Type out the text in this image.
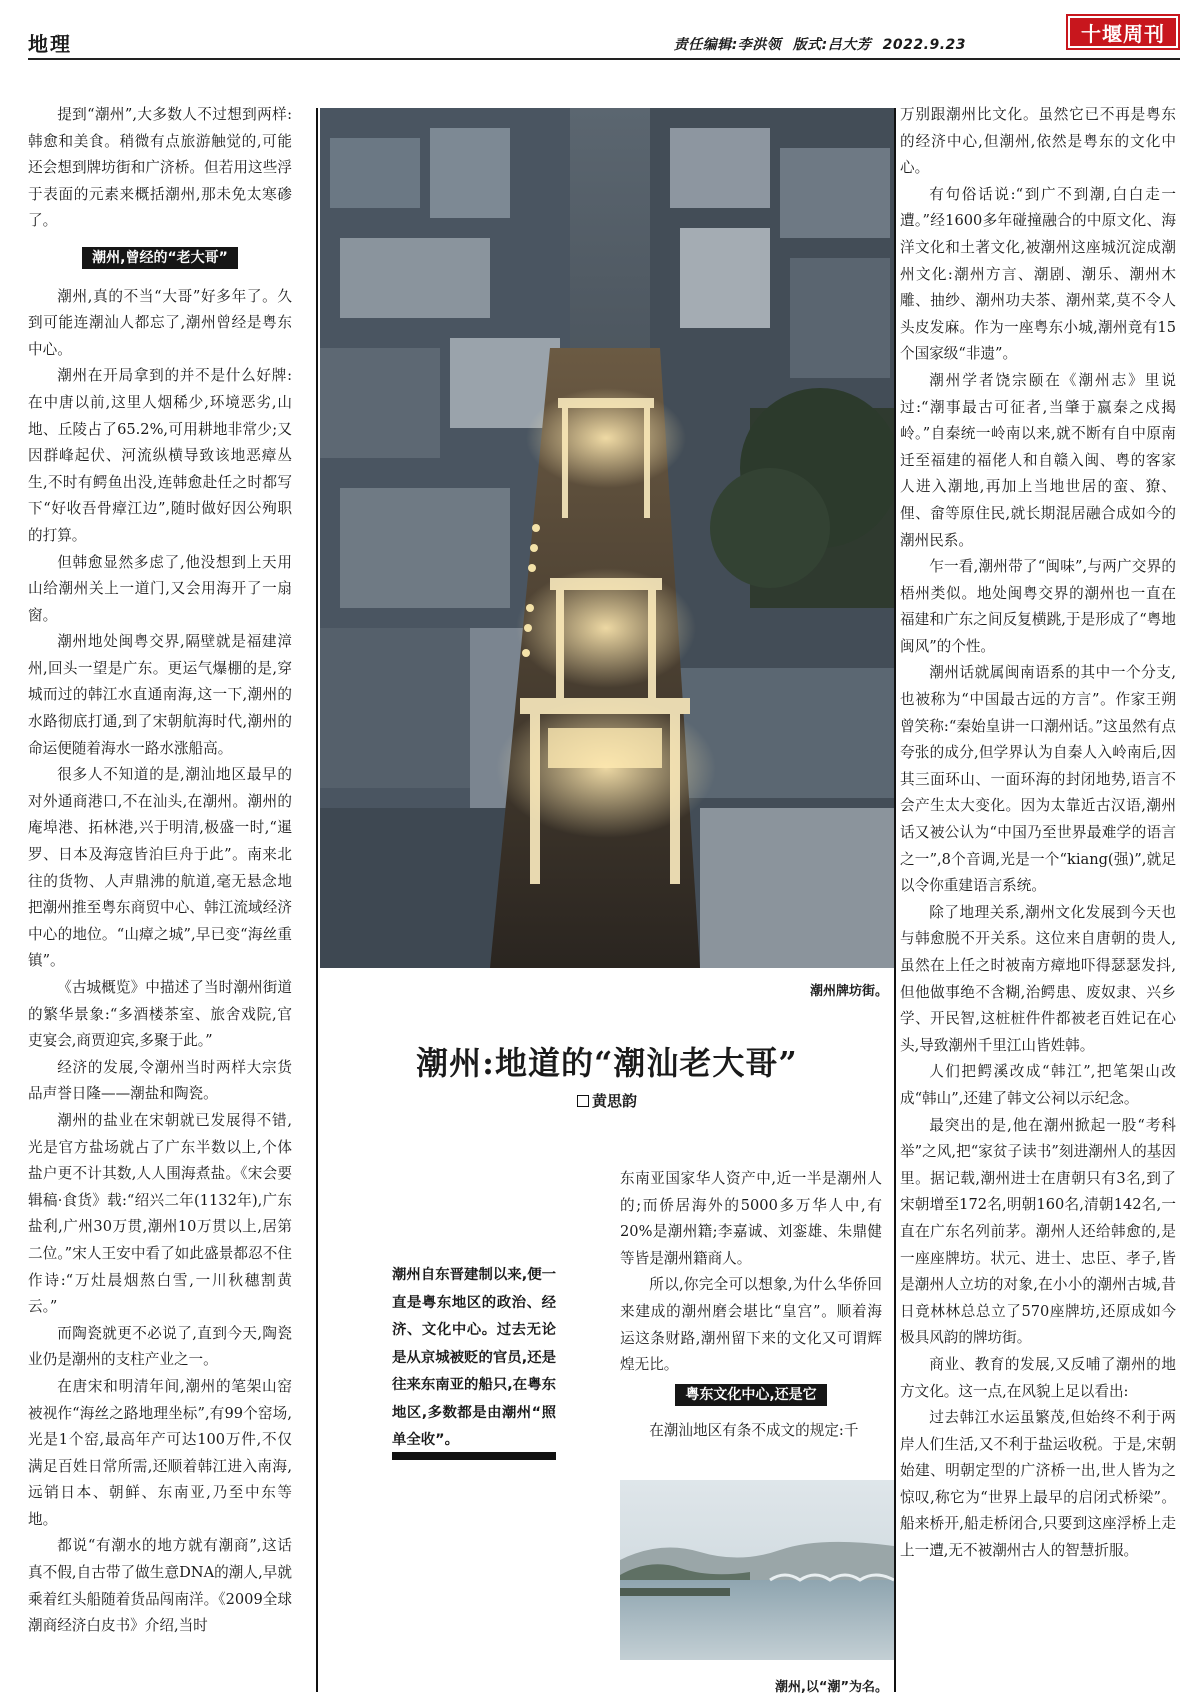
地理	责任编辑:李洪领 版式:吕大芳 2022.9.23	十堰周刊

提到“潮州”,大多数人不过想到两样:韩愈和美食。稍微有点旅游触觉的,可能还会想到牌坊街和广济桥。但若用这些浮于表面的元素来概括潮州,那未免太寒碜了。

潮州,曾经的“老大哥”

潮州,真的不当“大哥”好多年了。久到可能连潮汕人都忘了,潮州曾经是粤东中心。

潮州在开局拿到的并不是什么好牌:在中唐以前,这里人烟稀少,环境恶劣,山地、丘陵占了65.2%,可用耕地非常少;又因群峰起伏、河流纵横导致该地恶瘴丛生,不时有鳄鱼出没,连韩愈赴任之时都写下“好收吾骨瘴江边”,随时做好因公殉职的打算。

但韩愈显然多虑了,他没想到上天用山给潮州关上一道门,又会用海开了一扇窗。

潮州地处闽粤交界,隔壁就是福建漳州,回头一望是广东。更运气爆棚的是,穿城而过的韩江水直通南海,这一下,潮州的水路彻底打通,到了宋朝航海时代,潮州的命运便随着海水一路水涨船高。

很多人不知道的是,潮汕地区最早的对外通商港口,不在汕头,在潮州。潮州的庵埠港、拓林港,兴于明清,极盛一时,“暹罗、日本及海寇皆泊巨舟于此”。南来北往的货物、人声鼎沸的航道,毫无悬念地把潮州推至粤东商贸中心、韩江流域经济中心的地位。“山瘴之城”,早已变“海丝重镇”。

《古城概览》中描述了当时潮州街道的繁华景象:“多酒楼茶室、旅舍戏院,官吏宴会,商贾迎宾,多聚于此。”

经济的发展,令潮州当时两样大宗货品声誉日隆——潮盐和陶瓷。

潮州的盐业在宋朝就已发展得不错,光是官方盐场就占了广东半数以上,个体盐户更不计其数,人人围海煮盐。《宋会要辑稿·食货》载:“绍兴二年(1132年),广东盐利,广州30万贯,潮州10万贯以上,居第二位。”宋人王安中看了如此盛景都忍不住作诗:“万灶晨烟熬白雪,一川秋穗割黄云。”

而陶瓷就更不必说了,直到今天,陶瓷业仍是潮州的支柱产业之一。

在唐宋和明清年间,潮州的笔架山窑被视作“海丝之路地理坐标”,有99个窑场,光是1个窑,最高年产可达100万件,不仅满足百姓日常所需,还顺着韩江进入南海,远销日本、朝鲜、东南亚,乃至中东等地。

都说“有潮水的地方就有潮商”,这话真不假,自古带了做生意DNA的潮人,早就乘着红头船随着货品闯南洋。《2009全球潮商经济白皮书》介绍,当时

潮州牌坊街。
潮州:地道的“潮汕老大哥”
黄思韵
潮州自东晋建制以来,便一直是粤东地区的政治、经济、文化中心。过去无论是从京城被贬的官员,还是往来东南亚的船只,在粤东地区,多数都是由潮州“照单全收”。

东南亚国家华人资产中,近一半是潮州人的;而侨居海外的5000多万华人中,有20%是潮州籍;李嘉诚、刘銮雄、朱鼎健等皆是潮州籍商人。

所以,你完全可以想象,为什么华侨回来建成的潮州磨会堪比“皇宫”。顺着海运这条财路,潮州留下来的文化又可谓辉煌无比。

粤东文化中心,还是它

在潮汕地区有条不成文的规定:千

潮州,以“潮”为名。

万别跟潮州比文化。虽然它已不再是粤东的经济中心,但潮州,依然是粤东的文化中心。

有句俗话说:“到广不到潮,白白走一遭。”经1600多年碰撞融合的中原文化、海洋文化和土著文化,被潮州这座城沉淀成潮州文化:潮州方言、潮剧、潮乐、潮州木雕、抽纱、潮州功夫茶、潮州菜,莫不令人头皮发麻。作为一座粤东小城,潮州竟有15个国家级“非遗”。

潮州学者饶宗颐在《潮州志》里说过:“潮事最古可征者,当肇于嬴秦之戍揭岭。”自秦统一岭南以来,就不断有自中原南迁至福建的福佬人和自赣入闽、粤的客家人进入潮地,再加上当地世居的蛮、獠、俚、畲等原住民,就长期混居融合成如今的潮州民系。

乍一看,潮州带了“闽味”,与两广交界的梧州类似。地处闽粤交界的潮州也一直在福建和广东之间反复横跳,于是形成了“粤地闽风”的个性。

潮州话就属闽南语系的其中一个分支,也被称为“中国最古远的方言”。作家王朔曾笑称:“秦始皇讲一口潮州话。”这虽然有点夸张的成分,但学界认为自秦人入岭南后,因其三面环山、一面环海的封闭地势,语言不会产生太大变化。因为太靠近古汉语,潮州话又被公认为“中国乃至世界最难学的语言之一”,8个音调,光是一个“kiang(强)”,就足以令你重建语言系统。

除了地理关系,潮州文化发展到今天也与韩愈脱不开关系。这位来自唐朝的贵人,虽然在上任之时被南方瘴地吓得瑟瑟发抖,但他做事绝不含糊,治鳄患、废奴隶、兴乡学、开民智,这桩桩件件都被老百姓记在心头,导致潮州千里江山皆姓韩。

人们把鳄溪改成“韩江”,把笔架山改成“韩山”,还建了韩文公祠以示纪念。

最突出的是,他在潮州掀起一股“考科举”之风,把“家贫子读书”刻进潮州人的基因里。据记载,潮州进士在唐朝只有3名,到了宋朝增至172名,明朝160名,清朝142名,一直在广东名列前茅。潮州人还给韩愈的,是一座座牌坊。状元、进士、忠臣、孝子,皆是潮州人立坊的对象,在小小的潮州古城,昔日竟林林总总立了570座牌坊,还原成如今极具风韵的牌坊街。

商业、教育的发展,又反哺了潮州的地方文化。这一点,在风貌上足以看出:

过去韩江水运虽繁茂,但始终不利于两岸人们生活,又不利于盐运收税。于是,宋朝始建、明朝定型的广济桥一出,世人皆为之惊叹,称它为“世界上最早的启闭式桥梁”。船来桥开,船走桥闭合,只要到这座浮桥上走上一遭,无不被潮州古人的智慧折服。
